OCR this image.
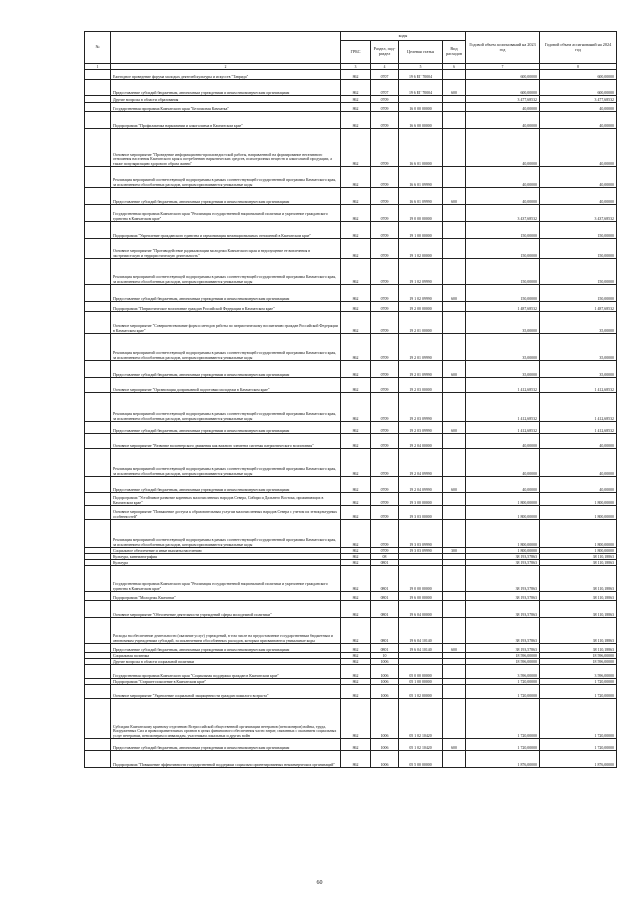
№		коды				Годовой объем ассигнований на 2023 год	Годовой объем ассигнований на 2024 год
		ГРБС	Раздел, под-раздел	Целевая статья	Вид расходов		
1	2	3	4	5	6	7	8
	Ежегодное проведение форума молодых деятелей культуры и искусств "Таврида"	862	0707	19 6 ЕГ 70004		600,00000	600,00000
	Предоставление субсидий бюджетным, автономным учреждениям и иным некоммерческим организациям	862	0707	19 6 ЕГ 70004	600	600,00000	600,00000
	Другие вопросы в области образования	862	0709			3 477,68532	3 477,68532
	Государственная программа Камчатского края "Безопасная Камчатка"	862	0709	16 0 00 00000		40,00000	40,00000
	Подпрограмма "Профилактика наркомании и алкоголизма в Камчатском крае"	862	0709	16 6 00 00000		40,00000	40,00000
	Основное мероприятие "Проведение информационно-пропагандистской работы, направленной на формирование негативного отношения населения Камчатского края к потреблению наркотических средств, психотропных веществ и алкогольной продукции, а также популяризацию здорового образа жизни"	862	0709	16 6 01 00000		40,00000	40,00000
	Реализация мероприятий соответствующей подпрограммы в рамках соответствующей государственной программы Камчатского края, за исключением обособленных расходов, которым присваиваются уникальные коды	862	0709	16 6 01 09990		40,00000	40,00000
	Предоставление субсидий бюджетным, автономным учреждениям и иным некоммерческим организациям	862	0709	16 6 01 09990	600	40,00000	40,00000
	Государственная программа Камчатского края "Реализация государственной национальной политики и укрепление гражданского единства в Камчатском крае"	862	0709	19 0 00 00000		3 437,68532	3 437,68532
	Подпрограмма "Укрепление гражданского единства и гармонизация межнациональных отношений в Камчатском крае"	862	0709	19 1 00 00000		150,00000	150,00000
	Основное мероприятие "Противодействие радикализации молодежи Камчатского края и недопущение ее вовлечения в экстремистскую и террористическую деятельность"	862	0709	19 1 02 00000		150,00000	150,00000
	Реализация мероприятий соответствующей подпрограммы в рамках соответствующей государственной программы Камчатского края, за исключением обособленных расходов, которым присваиваются уникальные коды	862	0709	19 1 02 09990		150,00000	150,00000
	Предоставление субсидий бюджетным, автономным учреждениям и иным некоммерческим организациям	862	0709	19 1 02 09990	600	150,00000	150,00000
	Подпрограмма "Патриотическое воспитание граждан Российской Федерации в Камчатском крае"	862	0709	19 2 00 00000		1 487,68532	1 487,68532
	Основное мероприятие "Совершенствование форм и методов работы по патриотическому воспитанию граждан Российской Федерации в Камчатском крае"	862	0709	19 2 01 00000		35,00000	35,00000
	Реализация мероприятий соответствующей подпрограммы в рамках соответствующей государственной программы Камчатского края, за исключением обособленных расходов, которым присваиваются уникальные коды	862	0709	19 2 01 09990		35,00000	35,00000
	Предоставление субсидий бюджетным, автономным учреждениям и иным некоммерческим организациям	862	0709	19 2 01 09990	600	35,00000	35,00000
	Основное мероприятие "Организация допризывной подготовки молодежи в Камчатском крае"	862	0709	19 2 03 00000		1 412,68532	1 412,68532
	Реализация мероприятий соответствующей подпрограммы в рамках соответствующей государственной программы Камчатского края, за исключением обособленных расходов, которым присваиваются уникальные коды	862	0709	19 2 03 09990		1 412,68532	1 412,68532
	Предоставление субсидий бюджетным, автономным учреждениям и иным некоммерческим организациям	862	0709	19 2 03 09990	600	1 412,68532	1 412,68532
	Основное мероприятие "Развитие волонтерского движения как важного элемента системы патриотического воспитания"	862	0709	19 2 04 00000		40,00000	40,00000
	Реализация мероприятий соответствующей подпрограммы в рамках соответствующей государственной программы Камчатского края, за исключением обособленных расходов, которым присваиваются уникальные коды	862	0709	19 2 04 09990		40,00000	40,00000
	Предоставление субсидий бюджетным, автономным учреждениям и иным некоммерческим организациям	862	0709	19 2 04 09990	600	40,00000	40,00000
	Подпрограмма "Устойчивое развитие коренных малочисленных народов Севера, Сибири и Дальнего Востока, проживающих в Камчатском крае"	862	0709	19 3 00 00000		1 800,00000	1 800,00000
	Основное мероприятие "Повышение доступа к образовательным услугам малочисленных народов Севера с учетом их этнокультурных особенностей"	862	0709	19 3 03 00000		1 800,00000	1 800,00000
	Реализация мероприятий соответствующей подпрограммы в рамках соответствующей государственной программы Камчатского края, за исключением обособленных расходов, которым присваиваются уникальные коды	862	0709	19 3 03 09990		1 800,00000	1 800,00000
	Социальное обеспечение и иные выплаты населению	862	0709	19 3 03 09990	300	1 800,00000	1 800,00000
	Культура, кинематография	862	08			38 193,57863	38 110,18863
	Культура	862	0801			38 193,57863	38 110,18863
	Государственная программа Камчатского края "Реализация государственной национальной политики и укрепление гражданского единства в Камчатском крае"	862	0801	19 0 00 00000		38 193,57863	38 110,18863
	Подпрограмма "Молодежь Камчатки"	862	0801	19 6 00 00000		38 193,57863	38 110,18863
	Основное мероприятие "Обеспечение деятельности учреждений сферы молодежной политики"	862	0801	19 6 04 00000		38 193,57863	38 110,18863
	Расходы на обеспечение деятельности (оказание услуг) учреждений, в том числе на предоставление государственным бюджетным и автономным учреждениям субсидий, за исключением обособленных расходов, которым присваиваются уникальные коды	862	0801	19 6 04 10140		38 193,57863	38 110,18863
	Предоставление субсидий бюджетным, автономным учреждениям и иным некоммерческим организациям	862	0801	19 6 04 10140	600	38 193,57863	38 110,18863
	Социальная политика	862	10			18 596,00000	18 596,00000
	Другие вопросы в области социальной политики	862	1006			18 596,00000	18 596,00000
	Государственная программа Камчатского края "Социальная поддержка граждан в Камчатском крае"	862	1006	05 0 00 00000		3 596,00000	3 596,00000
	Подпрограмма "Старшее поколение в Камчатском крае"	862	1006	05 1 00 00000		1 720,00000	1 720,00000
	Основное мероприятие "Укрепление социальной защищенности граждан пожилого возраста"	862	1006	05 1 02 00000		1 720,00000	1 720,00000
	Субсидии Камчатскому краевому отделению Всероссийской общественной организации ветеранов (пенсионеров) войны, труда, Вооруженных Сил и правоохранительных органов в целях финансового обеспечения части затрат, связанных с оказанием социальных услуг ветеранам, пенсионерам и инвалидам, участникам локальных и других войн	862	1006	05 1 02 10420		1 720,00000	1 720,00000
	Предоставление субсидий бюджетным, автономным учреждениям и иным некоммерческим организациям	862	1006	05 1 02 10420	600	1 720,00000	1 720,00000
	Подпрограмма "Повышение эффективности государственной поддержки социально ориентированных некоммерческих организаций"	862	1006	05 5 00 00000		1 876,00000	1 876,00000
60
